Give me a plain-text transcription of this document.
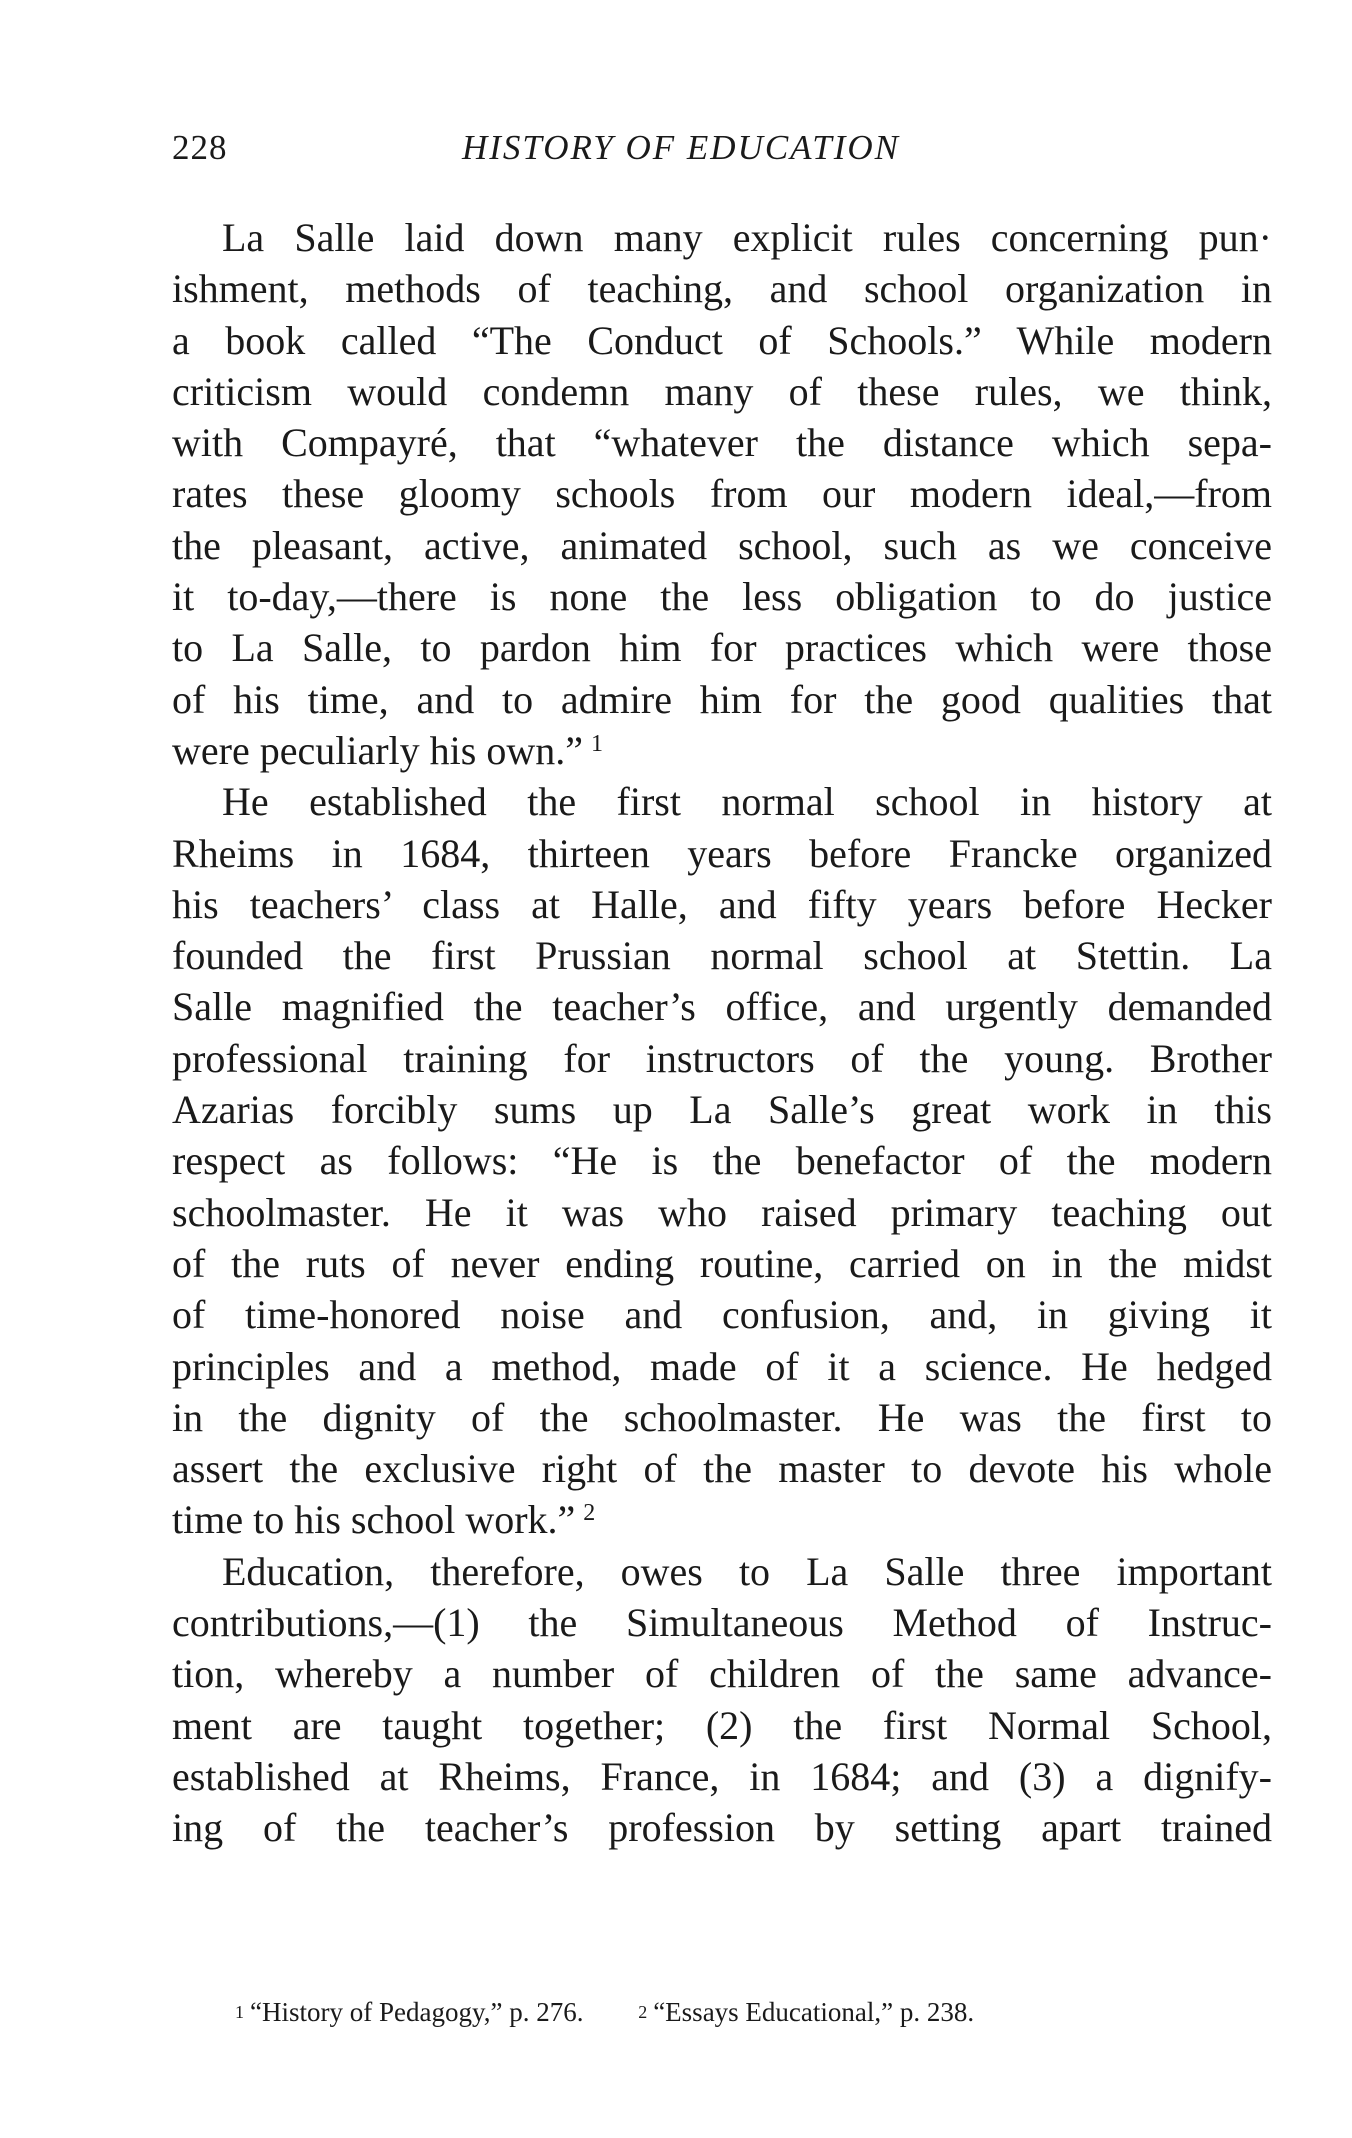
228	HISTORY OF EDUCATION
La Salle laid down many explicit rules concerning pun·
ishment, methods of teaching, and school organization in
a book called “The Conduct of Schools.” While modern
criticism would condemn many of these rules, we think,
with Compayré, that “whatever the distance which sepa-
rates these gloomy schools from our modern ideal,—from
the pleasant, active, animated school, such as we conceive
it to-day,—there is none the less obligation to do justice
to La Salle, to pardon him for practices which were those
of his time, and to admire him for the good qualities that
were peculiarly his own.” $^1$
He established the first normal school in history at
Rheims in 1684, thirteen years before Francke organized
his teachers’ class at Halle, and fifty years before Hecker
founded the first Prussian normal school at Stettin. La
Salle magnified the teacher’s office, and urgently demanded
professional training for instructors of the young. Brother
Azarias forcibly sums up La Salle’s great work in this
respect as follows: “He is the benefactor of the modern
schoolmaster. He it was who raised primary teaching out
of the ruts of never ending routine, carried on in the midst
of time-honored noise and confusion, and, in giving it
principles and a method, made of it a science. He hedged
in the dignity of the schoolmaster. He was the first to
assert the exclusive right of the master to devote his whole
time to his school work.” $^2$
Education, therefore, owes to La Salle three important
contributions,—(1) the Simultaneous Method of Instruc-
tion, whereby a number of children of the same advance-
ment are taught together; (2) the first Normal School,
established at Rheims, France, in 1684; and (3) a dignify-
ing of the teacher’s profession by setting apart trained
$^1$ “History of Pedagogy,” p. 276.	$^2$ “Essays Educational,” p. 238.
